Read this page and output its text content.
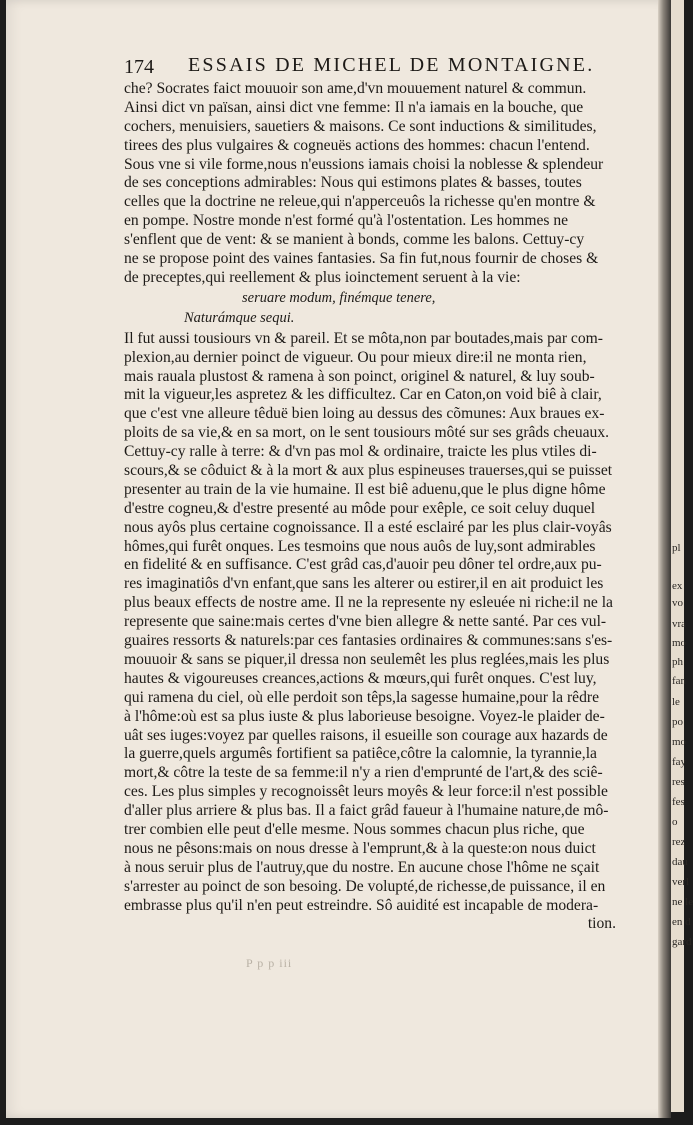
174 ESSAIS DE MICHEL DE MONTAIGNE.
che? Socrates faict mouuoir son ame,d'vn mouuement naturel & commun.
Ainsi dict vn païsan, ainsi dict vne femme: Il n'a iamais en la bouche, que
cochers, menuisiers, sauetiers & maisons. Ce sont inductions & similitudes,
tirees des plus vulgaires & cogneuës actions des hommes: chacun l'entend.
Sous vne si vile forme,nous n'eussions iamais choisi la noblesse & splendeur
de ses conceptions admirables: Nous qui estimons plates & basses, toutes
celles que la doctrine ne releue,qui n'apperceuôs la richesse qu'en montre &
en pompe. Nostre monde n'est formé qu'à l'ostentation. Les hommes ne
s'enflent que de vent: & se manient à bonds, comme les balons. Cettuy-cy
ne se propose point des vaines fantasies. Sa fin fut,nous fournir de choses &
de preceptes,qui reellement & plus ioinctement seruent à la vie:
seruare modum, finémque tenere,
Naturámque sequi.
Il fut aussi tousiours vn & pareil. Et se môta,non par boutades,mais par com-
plexion,au dernier poinct de vigueur. Ou pour mieux dire:il ne monta rien,
mais rauala plustost & ramena à son poinct, originel & naturel, & luy soub-
mit la vigueur,les aspretez & les difficultez. Car en Caton,on void biê à clair,
que c'est vne alleure têduë bien loing au dessus des cõmunes: Aux braues ex-
ploits de sa vie,& en sa mort, on le sent tousiours môté sur ses grâds cheuaux.
Cettuy-cy ralle à terre: & d'vn pas mol & ordinaire, traicte les plus vtiles di-
scours,& se côduict & à la mort & aux plus espineuses trauerses,qui se puisset
presenter au train de la vie humaine. Il est biê aduenu,que le plus digne hôme
d'estre cogneu,& d'estre presenté au môde pour exêple, ce soit celuy duquel
nous ayôs plus certaine cognoissance. Il a esté esclairé par les plus clair-voyâs
hômes,qui furêt onques. Les tesmoins que nous auôs de luy,sont admirables
en fidelité & en suffisance. C'est grâd cas,d'auoir peu dôner tel ordre,aux pu-
res imaginatiôs d'vn enfant,que sans les alterer ou estirer,il en ait produict les
plus beaux effects de nostre ame. Il ne la represente ny esleuée ni riche:il ne la
represente que saine:mais certes d'vne bien allegre & nette santé. Par ces vul-
guaires ressorts & naturels:par ces fantasies ordinaires & communes:sans s'es-
mouuoir & sans se piquer,il dressa non seulemêt les plus reglées,mais les plus
hautes & vigoureuses creances,actions & mœurs,qui furêt onques. C'est luy,
qui ramena du ciel, où elle perdoit son têps,la sagesse humaine,pour la rêdre
à l'hôme:où est sa plus iuste & plus laborieuse besoigne. Voyez-le plaider de-
uât ses iuges:voyez par quelles raisons, il esueille son courage aux hazards de
la guerre,quels argumês fortifient sa patiêce,côtre la calomnie, la tyrannie,la
mort,& côtre la teste de sa femme:il n'y a rien d'emprunté de l'art,& des sciê-
ces. Les plus simples y recognoissêt leurs moyês & leur force:il n'est possible
d'aller plus arriere & plus bas. Il a faict grâd faueur à l'humaine nature,de mô-
trer combien elle peut d'elle mesme. Nous sommes chacun plus riche, que
nous ne pêsons:mais on nous dresse à l'emprunt,& à la queste:on nous duict
à nous seruir plus de l'autruy,que du nostre. En aucune chose l'hôme ne sçait
s'arrester au poinct de son besoing. De volupté,de richesse,de puissance, il en
embrasse plus qu'il n'en peut estreindre. Sô auidité est incapable de modera-
tion.
P p p iii
pl
ex
vo
vra
mo
ph
fan
le
po
mo
fay
res
fes
o
rez
dau
verl
ne le
en d
gard
